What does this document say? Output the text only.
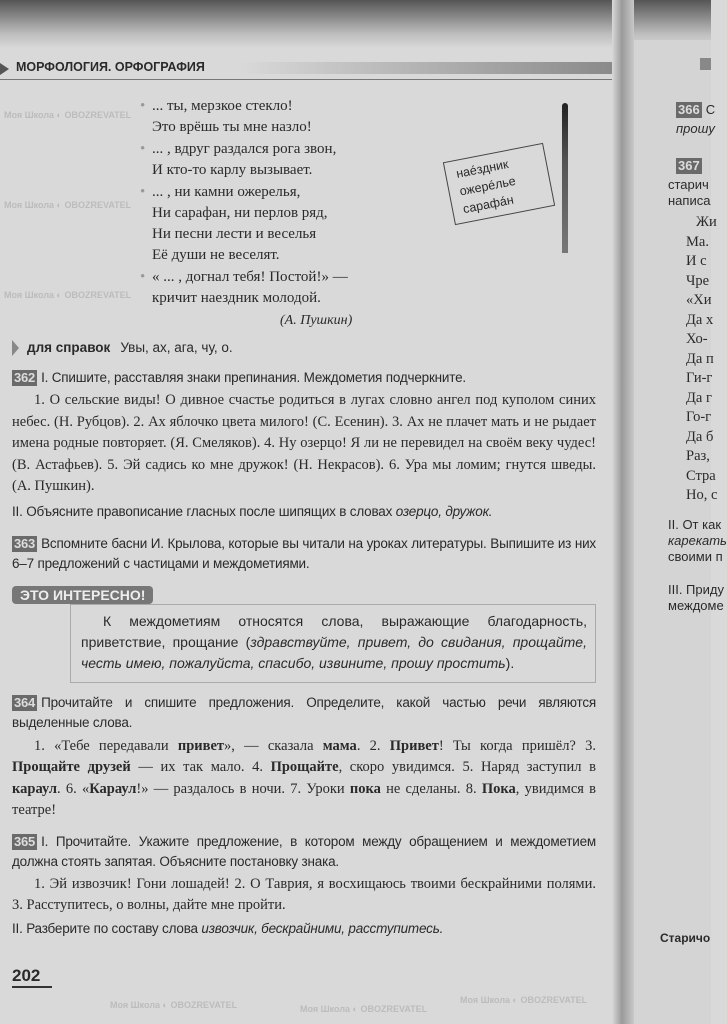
Моя Школа ◐ OBOZREVATEL
Моя Школа ◐ OBOZREVATEL
Моя Школа ◐ OBOZREVATEL
Моя Школа ◐ OBOZREVATEL	Моя Школа ◐ OBOZREVATEL
Моя Школа ◐ OBOZREVATEL
МОРФОЛОГИЯ. ОРФОГРАФИЯ
• ... ты, мерзкое стекло!
Это врёшь ты мне назло!
• ... , вдруг раздался рога звон,
И кто-то карлу вызывает.
• ... , ни камни ожерелья,
Ни сарафан, ни перлов ряд,
Ни песни лести и веселья
Её души не веселят.
• « ... , догнал тебя! Постой!» —
кричит наездник молодой.
(А. Пушкин)
наéздник
ожерéлье
сарафáн
для справок Увы, ах, ага, чу, о.
362 I. Спишите, расставляя знаки препинания. Междометия подчеркните.
1. О сельские виды! О дивное счастье родиться в лугах словно ангел под куполом синих небес. (Н. Рубцов). 2. Ах яблочко цвета милого! (С. Есенин). 3. Ах не плачет мать и не рыдает имена родные повторяет. (Я. Смеляков). 4. Ну озерцо! Я ли не перевидел на своём веку чудес! (В. Астафьев). 5. Эй садись ко мне дружок! (Н. Некрасов). 6. Ура мы ломим; гнутся шведы. (А. Пушкин).
II. Объясните правописание гласных после шипящих в словах озерцо, дружок.
363 Вспомните басни И. Крылова, которые вы читали на уроках литературы. Выпишите из них 6–7 предложений с частицами и междометиями.
ЭТО ИНТЕРЕСНО!
К междометиям относятся слова, выражающие благодарность, приветствие, прощание (здравствуйте, привет, до свидания, прощайте, честь имею, пожалуйста, спасибо, извините, прошу простить).
364 Прочитайте и спишите предложения. Определите, какой частью речи являются выделенные слова.
1. «Тебе передавали привет», — сказала мама. 2. Привет! Ты когда пришёл? 3. Прощайте друзей — их так мало. 4. Прощайте, скоро увидимся. 5. Наряд заступил в караул. 6. «Караул!» — раздалось в ночи. 7. Уроки пока не сделаны. 8. Пока, увидимся в театре!
365 I. Прочитайте. Укажите предложение, в котором между обращением и междометием должна стоять запятая. Объясните постановку знака.
1. Эй извозчик! Гони лошадей! 2. О Таврия, я восхищаюсь твоими бескрайними полями. 3. Расступитесь, о волны, дайте мне пройти.
II. Разберите по составу слова извозчик, бескрайними, расступитесь.
202
366 С
прошу
367
старич
написа
Жи
Ма.
И с
Чре
«Хи
Да х
Хо-
Да п
Ги-г
Да г
Го-г
Да б
Раз,
Стра
Но, с
II. От как
карекать
своими п
III. Приду
междоме
Старичо
